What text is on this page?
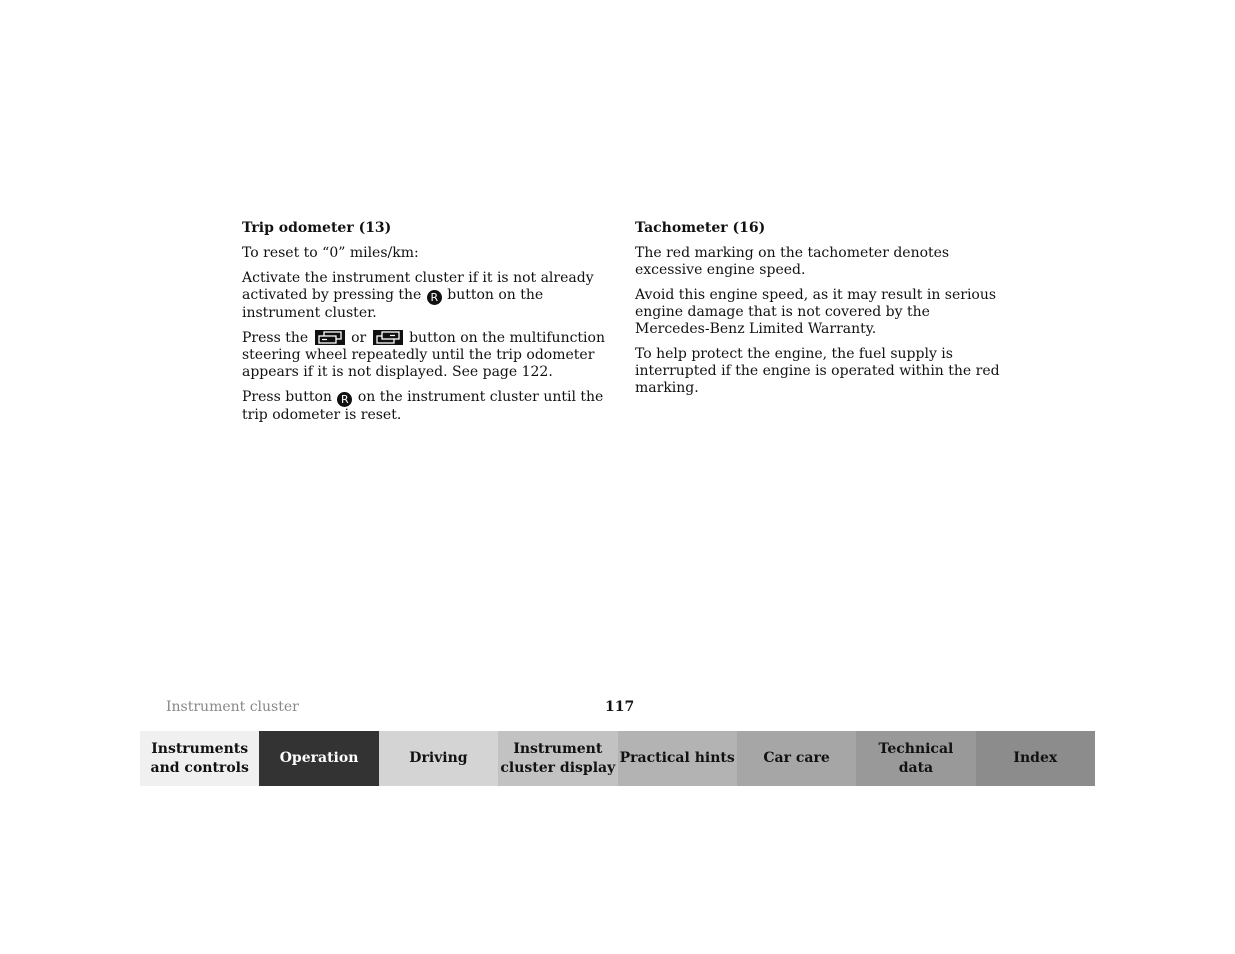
Trip odometer (13)

To reset to “0” miles/km:

Activate the instrument cluster if it is not already activated by pressing the R button on the instrument cluster.

Press the	or	button on the multifunction steering wheel repeatedly until the trip odometer appears if it is not displayed. See page 122.

Press button R on the instrument cluster until the trip odometer is reset.

Tachometer (16)

The red marking on the tachometer denotes excessive engine speed.

Avoid this engine speed, as it may result in serious engine damage that is not covered by the Mercedes-Benz Limited Warranty.

To help protect the engine, the fuel supply is interrupted if the engine is operated within the red marking.

Instrument cluster	117
Instruments
and controls
Operation	Driving
Instrument
cluster display
Practical hints	Car care
Technical
data
Index
